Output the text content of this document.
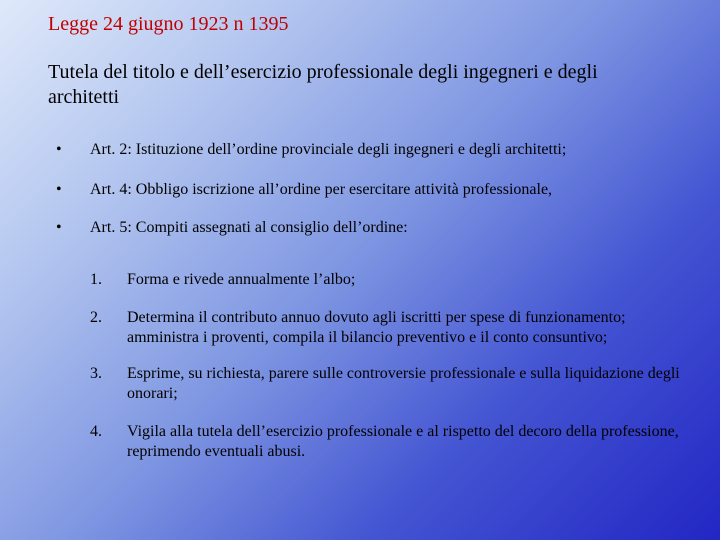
Legge 24 giugno 1923 n 1395
Tutela del titolo e dell’esercizio professionale degli ingegneri e degli architetti
• Art. 2: Istituzione dell’ordine provinciale degli ingegneri e degli architetti;
• Art. 4: Obbligo iscrizione all’ordine per esercitare attività professionale,
• Art. 5: Compiti assegnati al consiglio dell’ordine:
1. Forma e rivede annualmente l’albo;
2. Determina il contributo annuo dovuto agli iscritti per spese di funzionamento; amministra i proventi, compila il bilancio preventivo e il conto consuntivo;
3. Esprime, su richiesta, parere sulle controversie professionale e sulla liquidazione degli onorari;
4. Vigila alla tutela dell’esercizio professionale e al rispetto del decoro della professione, reprimendo eventuali abusi.
